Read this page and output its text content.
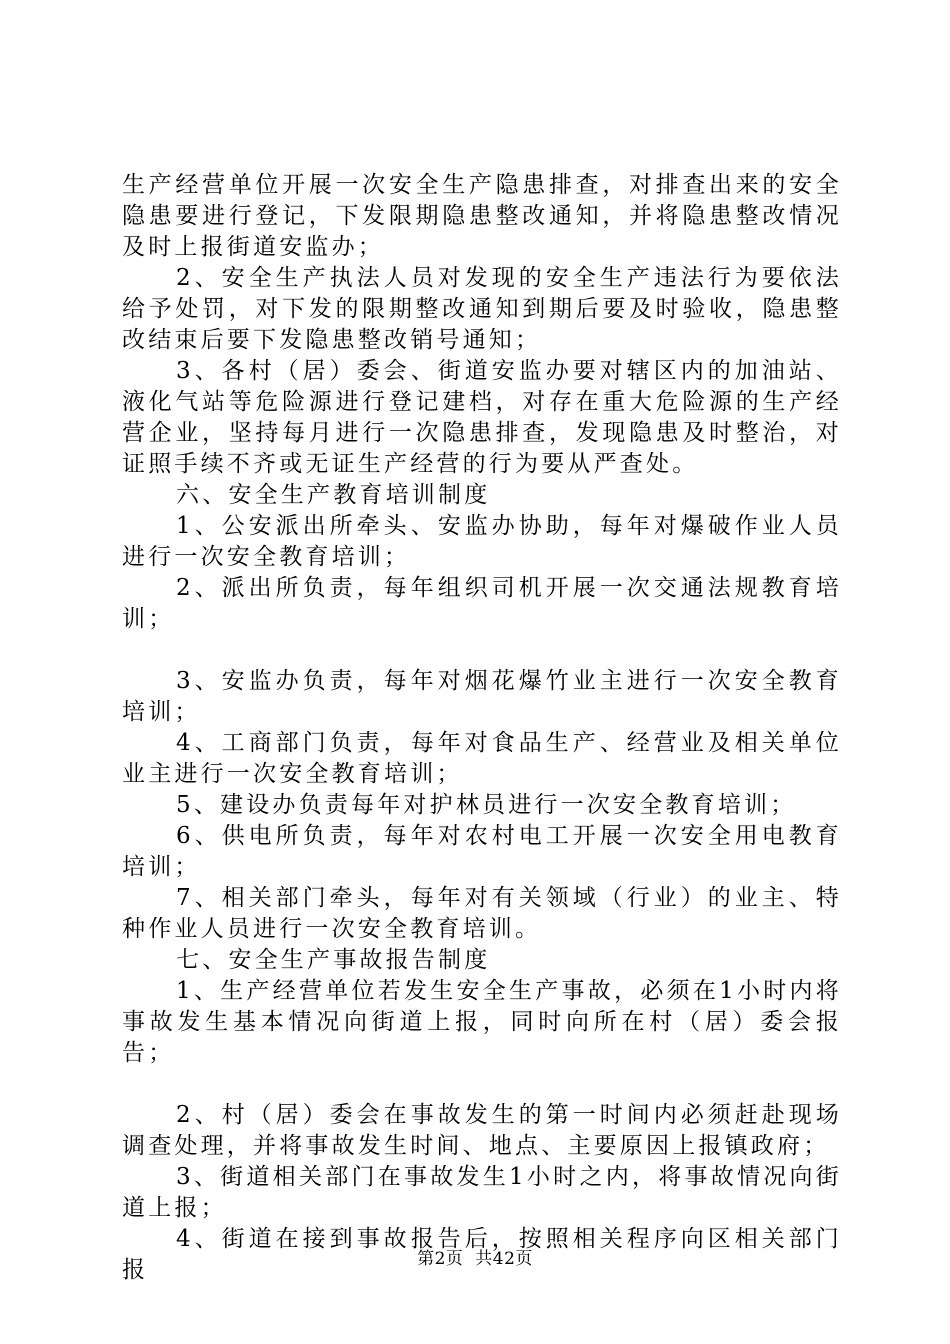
生产经营单位开展一次安全生产隐患排查，对排查出来的安全隐患要进行登记，下发限期隐患整改通知，并将隐患整改情况及时上报街道安监办；

2、安全生产执法人员对发现的安全生产违法行为要依法给予处罚，对下发的限期整改通知到期后要及时验收，隐患整改结束后要下发隐患整改销号通知；

3、各村（居）委会、街道安监办要对辖区内的加油站、液化气站等危险源进行登记建档，对存在重大危险源的生产经营企业，坚持每月进行一次隐患排查，发现隐患及时整治，对证照手续不齐或无证生产经营的行为要从严查处。

六、安全生产教育培训制度

1、公安派出所牵头、安监办协助，每年对爆破作业人员进行一次安全教育培训；

2、派出所负责，每年组织司机开展一次交通法规教育培训；

3、安监办负责，每年对烟花爆竹业主进行一次安全教育培训；

4、工商部门负责，每年对食品生产、经营业及相关单位业主进行一次安全教育培训；

5、建设办负责每年对护林员进行一次安全教育培训；

6、供电所负责，每年对农村电工开展一次安全用电教育培训；

7、相关部门牵头，每年对有关领域（行业）的业主、特种作业人员进行一次安全教育培训。

七、安全生产事故报告制度

1、生产经营单位若发生安全生产事故，必须在1小时内将事故发生基本情况向街道上报，同时向所在村（居）委会报告；

2、村（居）委会在事故发生的第一时间内必须赶赴现场调查处理，并将事故发生时间、地点、主要原因上报镇政府；

3、街道相关部门在事故发生1小时之内，将事故情况向街道上报；

4、街道在接到事故报告后，按照相关程序向区相关部门报	第2页 共42页
